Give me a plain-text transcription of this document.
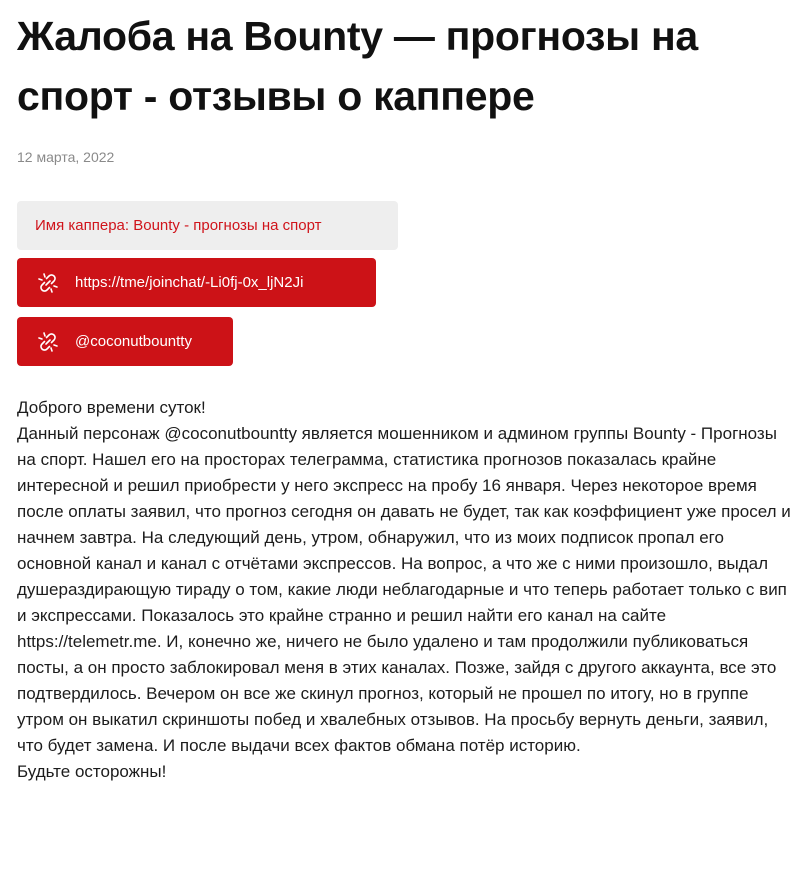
Жалоба на Bounty — прогнозы на спорт - отзывы о каппере
12 марта, 2022
Имя каппера: Bounty - прогнозы на спорт
https://tme/joinchat/-Li0fj-0x_ljN2Ji
@coconutbountty

Доброго времени суток!

Данный персонаж @coconutbountty является мошенником и админом группы Bounty - Прогнозы на спорт. Нашел его на просторах телеграмма, статистика прогнозов показалась крайне интересной и решил приобрести у него экспресс на пробу 16 января. Через некоторое время после оплаты заявил, что прогноз сегодня он давать не будет, так как коэффициент уже просел и начнем завтра. На следующий день, утром, обнаружил, что из моих подписок пропал его основной канал и канал с отчётами экспрессов. На вопрос, а что же с ними произошло, выдал душераздирающую тираду о том, какие люди неблагодарные и что теперь работает только с вип и экспрессами. Показалось это крайне странно и решил найти его канал на сайте https://telemetr.me. И, конечно же, ничего не было удалено и там продолжили публиковаться посты, а он просто заблокировал меня в этих каналах. Позже, зайдя с другого аккаунта, все это подтвердилось. Вечером он все же скинул прогноз, который не прошел по итогу, но в группе утром он выкатил скриншоты побед и хвалебных отзывов. На просьбу вернуть деньги, заявил, что будет замена. И после выдачи всех фактов обмана потёр историю.

Будьте осторожны!
